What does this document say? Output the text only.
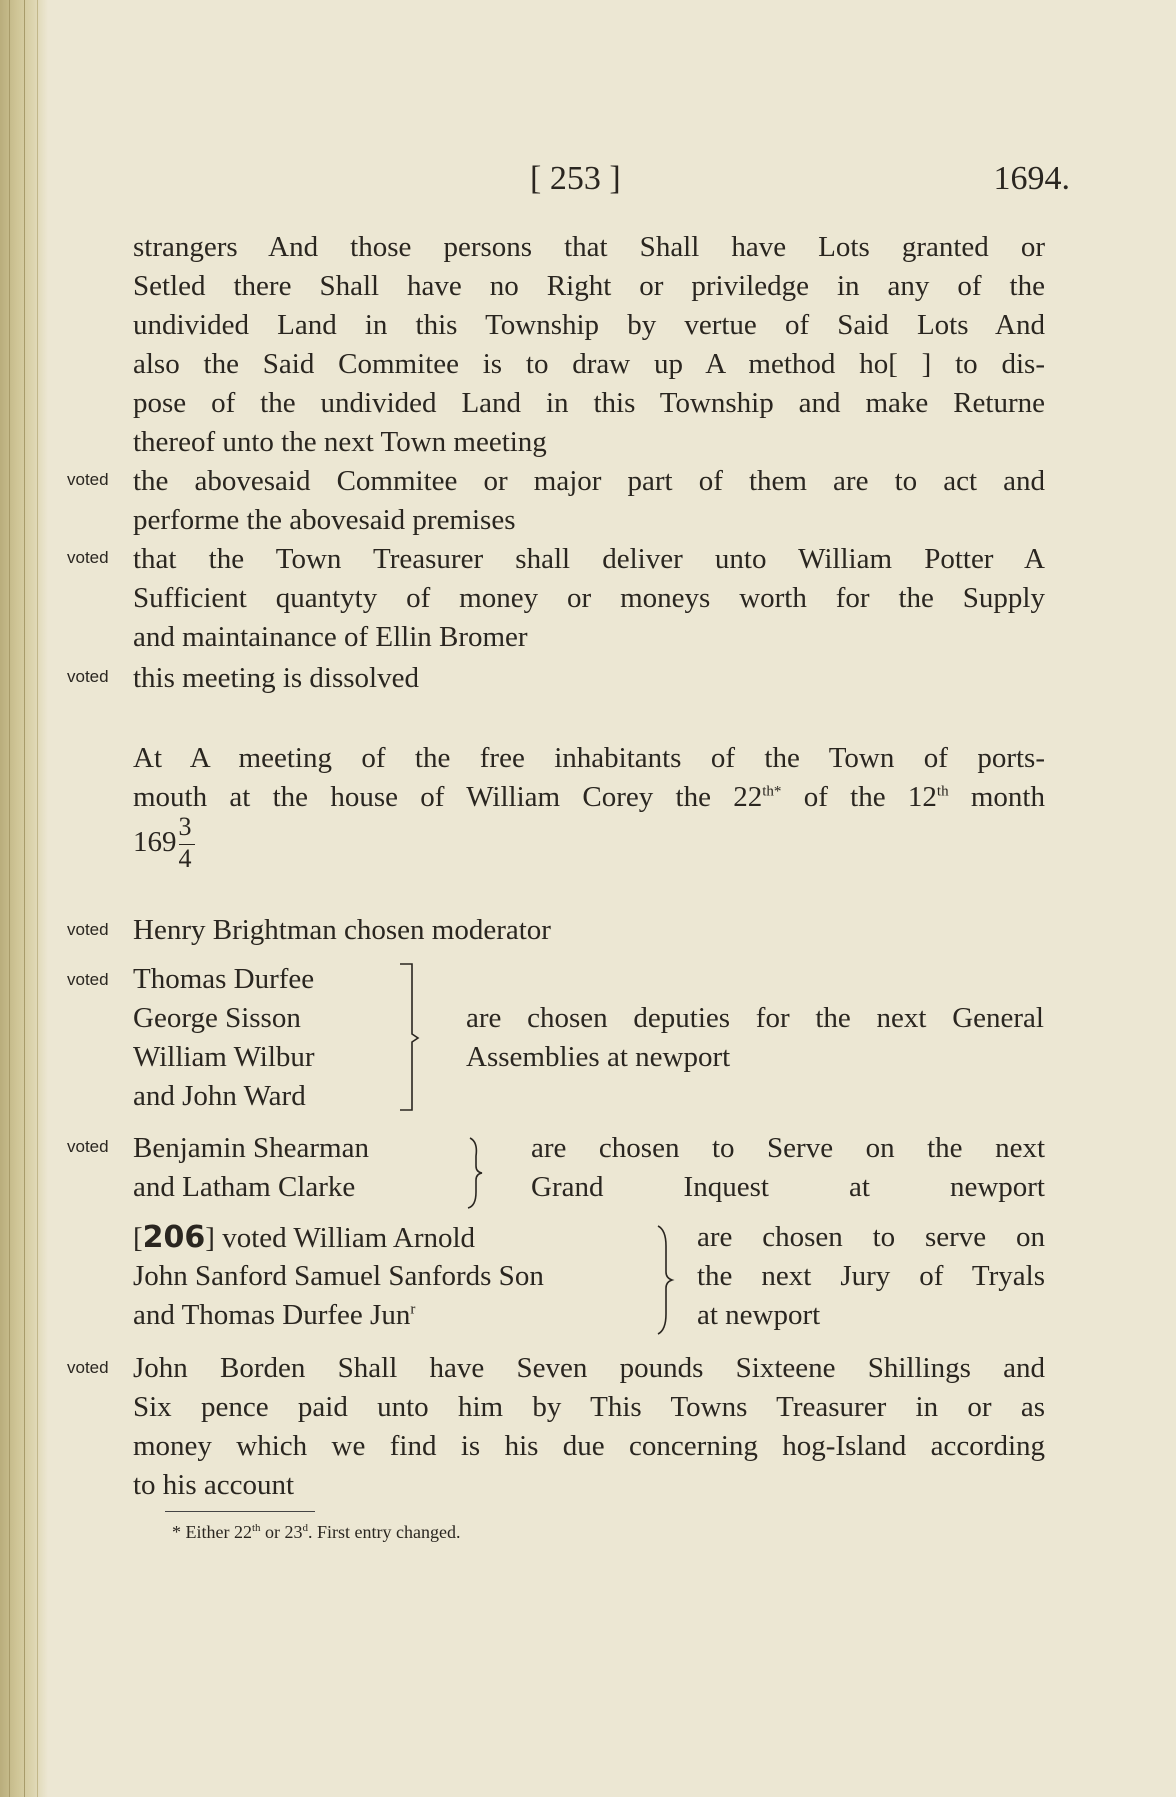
[ 253 ]	1694.
strangers And those persons that Shall have Lots granted or
Setled there Shall have no Right or priviledge in any of the
undivided Land in this Township by vertue of Said Lots And
also the Said Commitee is to draw up A method ho[ ] to dis-
pose of the undivided Land in this Township and make Returne
thereof unto the next Town meeting
voted the abovesaid Commitee or major part of them are to act and
performe the abovesaid premises
voted that the Town Treasurer shall deliver unto William Potter A
Sufficient quantyty of money or moneys worth for the Supply
and maintainance of Ellin Bromer
voted this meeting is dissolved
At A meeting of the free inhabitants of the Town of ports-
mouth at the house of William Corey the $22^{th*}$ of the 12th month
$169 \frac{3}{4}$
voted Henry Brightman chosen moderator
voted Thomas Durfee
George Sisson
William Wilbur
and John Ward
are chosen deputies for the next General
Assemblies at newport
voted Benjamin Shearman
and Latham Clarke
are chosen to Serve on the next
Grand Inquest at newport
[206] voted William Arnold
John Sanford Samuel Sanfords Son
and Thomas Durfee Jun$^r$
are chosen to serve on
the next Jury of Tryals
at newport
voted John Borden Shall have Seven pounds Sixteene Shillings and
Six pence paid unto him by This Towns Treasurer in or as
money which we find is his due concerning hog-Island according
to his account
* Either 22th or 23$^d$. First entry changed.
